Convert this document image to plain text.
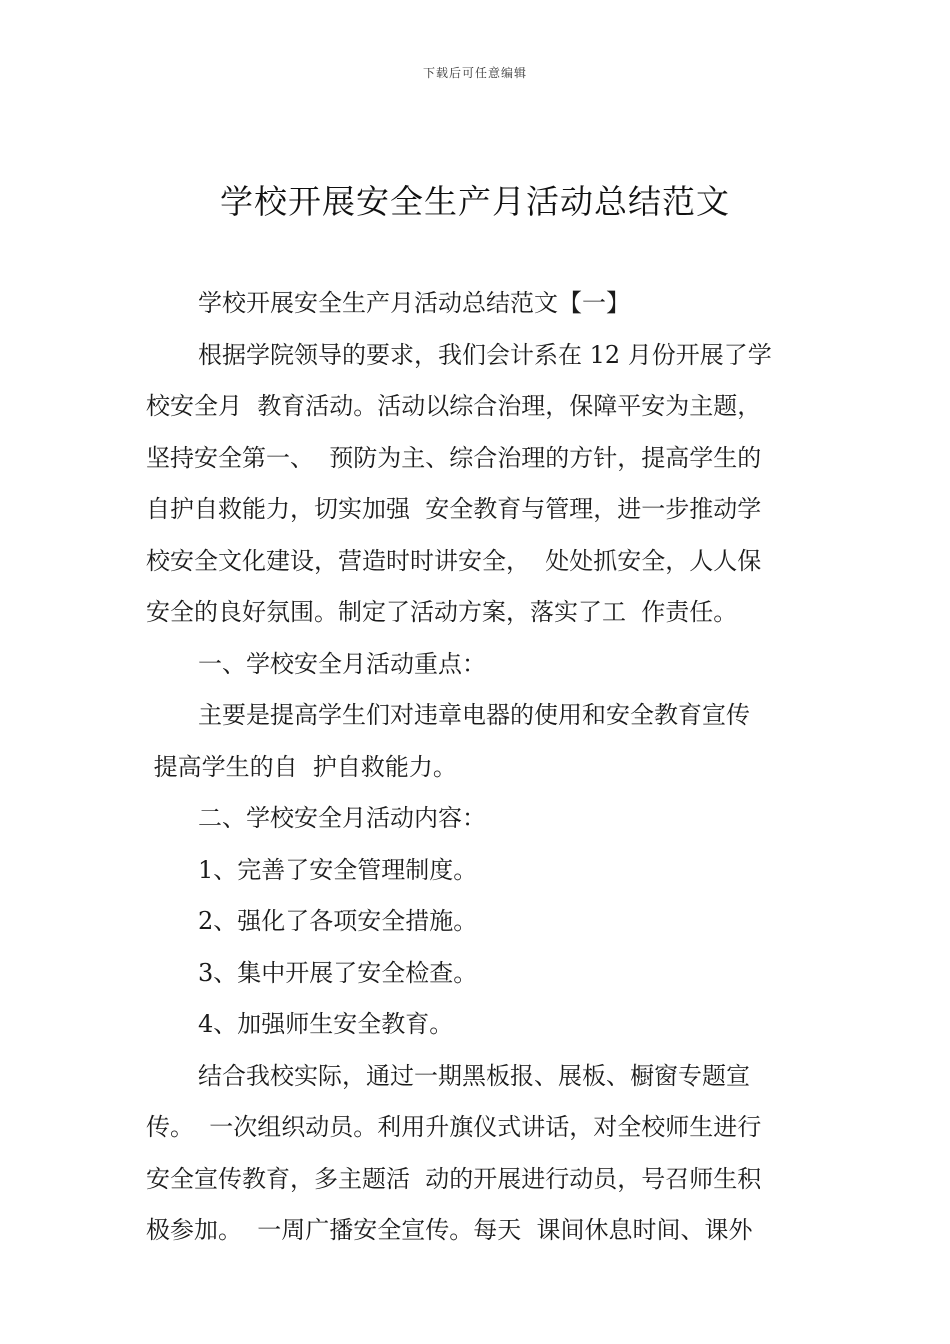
下载后可任意编辑
学校开展安全生产月活动总结范文

学校开展安全生产月活动总结范文【一】

根据学院领导的要求，我们会计系在 12 月份开展了学

校安全月  教育活动。活动以综合治理，保障平安为主题，

坚持安全第一、  预防为主、综合治理的方针，提高学生的

自护自救能力，切实加强  安全教育与管理，进一步推动学

校安全文化建设，营造时时讲安全，  处处抓安全，人人保

安全的良好氛围。制定了活动方案，落实了工  作责任。

一、学校安全月活动重点：

主要是提高学生们对违章电器的使用和安全教育宣传

提高学生的自  护自救能力。

二、学校安全月活动内容：

1、完善了安全管理制度。

2、强化了各项安全措施。

3、集中开展了安全检查。

4、加强师生安全教育。

结合我校实际，通过一期黑板报、展板、橱窗专题宣

传。  一次组织动员。利用升旗仪式讲话，对全校师生进行

安全宣传教育，多主题活  动的开展进行动员，号召师生积

极参加。  一周广播安全宣传。每天  课间休息时间、课外
